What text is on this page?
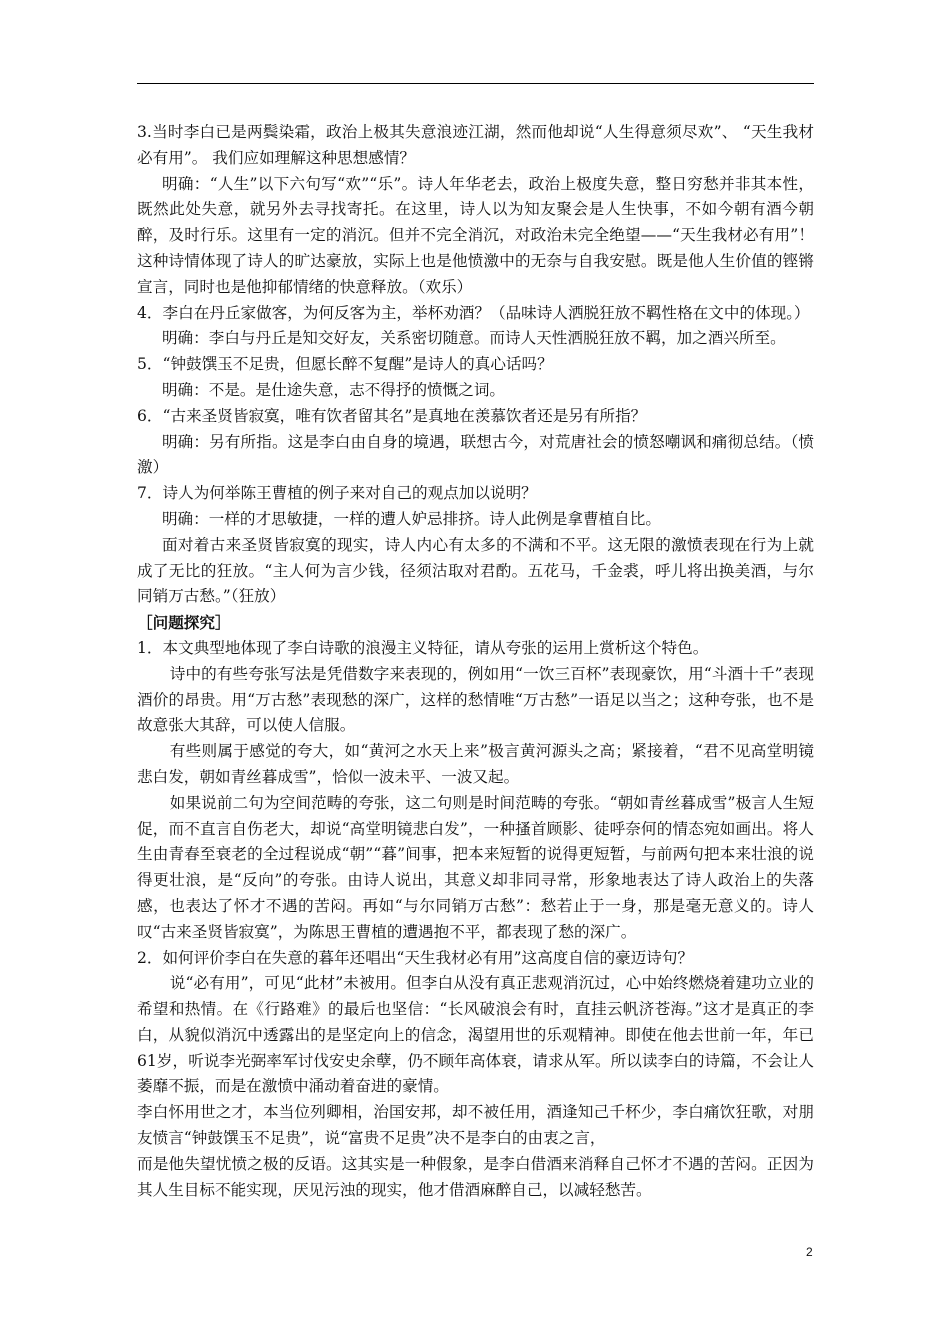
3.当时李白已是两鬓染霜，政治上极其失意浪迹江湖，然而他却说“人生得意须尽欢”、 “天生我材必有用”。 我们应如理解这种思想感情？

明确：“人生”以下六句写“欢”“乐”。诗人年华老去，政治上极度失意，整日穷愁并非其本性，既然此处失意，就另外去寻找寄托。在这里，诗人以为知友聚会是人生快事，不如今朝有酒今朝醉，及时行乐。这里有一定的消沉。但并不完全消沉，对政治未完全绝望——“天生我材必有用”！这种诗情体现了诗人的旷达豪放，实际上也是他愤激中的无奈与自我安慰。既是他人生价值的铿锵宣言，同时也是他抑郁情绪的快意释放。（欢乐）

4．李白在丹丘家做客，为何反客为主，举杯劝酒？（品味诗人洒脱狂放不羁性格在文中的体现。）

明确：李白与丹丘是知交好友，关系密切随意。而诗人天性洒脱狂放不羁，加之酒兴所至。

5．“钟鼓馔玉不足贵，但愿长醉不复醒”是诗人的真心话吗？

明确：不是。是仕途失意，志不得抒的愤慨之词。

6．“古来圣贤皆寂寞，唯有饮者留其名”是真地在羡慕饮者还是另有所指？

明确：另有所指。这是李白由自身的境遇，联想古今，对荒唐社会的愤怒嘲讽和痛彻总结。（愤激）

7．诗人为何举陈王曹植的例子来对自己的观点加以说明？

明确：一样的才思敏捷，一样的遭人妒忌排挤。诗人此例是拿曹植自比。

面对着古来圣贤皆寂寞的现实，诗人内心有太多的不满和不平。这无限的激愤表现在行为上就成了无比的狂放。“主人何为言少钱，径须沽取对君酌。五花马，千金裘，呼儿将出换美酒，与尔同销万古愁。”（狂放）

［问题探究］

1．本文典型地体现了李白诗歌的浪漫主义特征，请从夸张的运用上赏析这个特色。

诗中的有些夸张写法是凭借数字来表现的，例如用“一饮三百杯”表现豪饮，用“斗酒十千”表现酒价的昂贵。用“万古愁”表现愁的深广，这样的愁情唯“万古愁”一语足以当之；这种夸张，也不是故意张大其辞，可以使人信服。

有些则属于感觉的夸大，如“黄河之水天上来”极言黄河源头之高；紧接着，“君不见高堂明镜悲白发，朝如青丝暮成雪”，恰似一波未平、一波又起。

如果说前二句为空间范畴的夸张，这二句则是时间范畴的夸张。“朝如青丝暮成雪”极言人生短促，而不直言自伤老大，却说“高堂明镜悲白发”，一种搔首顾影、徒呼奈何的情态宛如画出。将人生由青春至衰老的全过程说成“朝”“暮”间事，把本来短暂的说得更短暂，与前两句把本来壮浪的说得更壮浪，是“反向”的夸张。由诗人说出，其意义却非同寻常，形象地表达了诗人政治上的失落感，也表达了怀才不遇的苦闷。再如“与尔同销万古愁”：愁若止于一身，那是毫无意义的。诗人叹“古来圣贤皆寂寞”，为陈思王曹植的遭遇抱不平，都表现了愁的深广。

2．如何评价李白在失意的暮年还唱出“天生我材必有用”这高度自信的豪迈诗句？

说“必有用”，可见“此材”未被用。但李白从没有真正悲观消沉过，心中始终燃烧着建功立业的希望和热情。在《行路难》的最后也坚信：“长风破浪会有时，直挂云帆济苍海。”这才是真正的李白，从貌似消沉中透露出的是坚定向上的信念，渴望用世的乐观精神。即使在他去世前一年，年已61岁，听说李光弼率军讨伐安史余孽，仍不顾年高体衰，请求从军。所以读李白的诗篇，不会让人萎靡不振，而是在激愤中涌动着奋进的豪情。

李白怀用世之才，本当位列卿相，治国安邦，却不被任用，酒逢知己千杯少，李白痛饮狂歌，对朋友愤言“钟鼓馔玉不足贵”，说“富贵不足贵”决不是李白的由衷之言，

而是他失望忧愤之极的反语。这其实是一种假象，是李白借酒来消释自己怀才不遇的苦闷。正因为其人生目标不能实现，厌见污浊的现实，他才借酒麻醉自己，以减轻愁苦。

2
